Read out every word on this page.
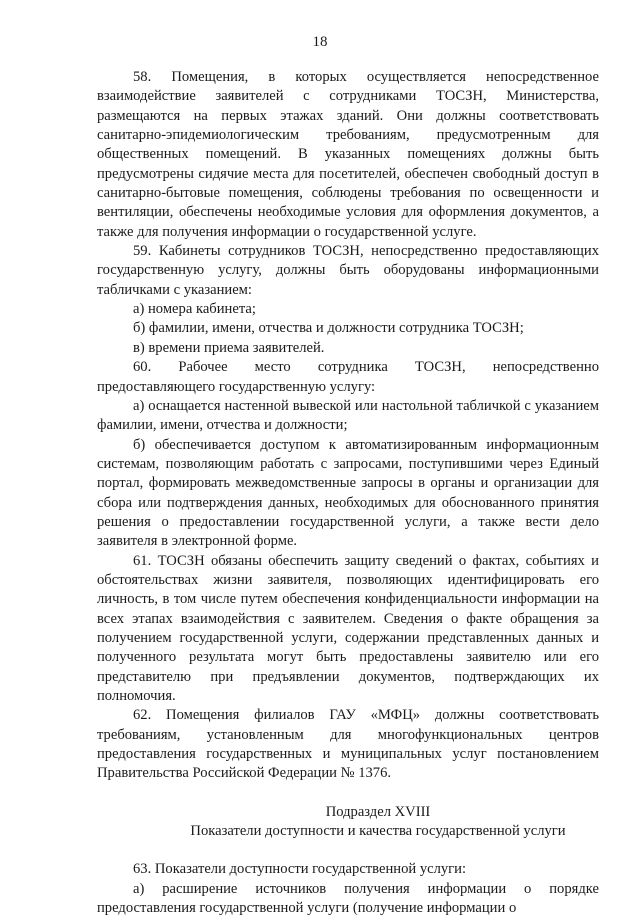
18

58. Помещения, в которых осуществляется непосредственное взаимодействие заявителей с сотрудниками ТОСЗН, Министерства, размещаются на первых этажах зданий. Они должны соответствовать санитарно-эпидемиологическим требованиям, предусмотренным для общественных помещений. В указанных помещениях должны быть предусмотрены сидячие места для посетителей, обеспечен свободный доступ в санитарно-бытовые помещения, соблюдены требования по освещенности и вентиляции, обеспечены необходимые условия для оформления документов, а также для получения информации о государственной услуге.

59. Кабинеты сотрудников ТОСЗН, непосредственно предоставляющих государственную услугу, должны быть оборудованы информационными табличками с указанием:

а) номера кабинета;

б) фамилии, имени, отчества и должности сотрудника ТОСЗН;

в) времени приема заявителей.

60. Рабочее место сотрудника ТОСЗН, непосредственно предоставляющего государственную услугу:

а) оснащается настенной вывеской или настольной табличкой с указанием фамилии, имени, отчества и должности;

б) обеспечивается доступом к автоматизированным информационным системам, позволяющим работать с запросами, поступившими через Единый портал, формировать межведомственные запросы в органы и организации для сбора или подтверждения данных, необходимых для обоснованного принятия решения о предоставлении государственной услуги, а также вести дело заявителя в электронной форме.

61. ТОСЗН обязаны обеспечить защиту сведений о фактах, событиях и обстоятельствах жизни заявителя, позволяющих идентифицировать его личность, в том числе путем обеспечения конфиденциальности информации на всех этапах взаимодействия с заявителем. Сведения о факте обращения за получением государственной услуги, содержании представленных данных и полученного результата могут быть предоставлены заявителю или его представителю при предъявлении документов, подтверждающих их полномочия.

62. Помещения филиалов ГАУ «МФЦ» должны соответствовать требованиям, установленным для многофункциональных центров предоставления государственных и муниципальных услуг постановлением Правительства Российской Федерации № 1376.

Подраздел XVIII

Показатели доступности и качества государственной услуги

63. Показатели доступности государственной услуги:

а) расширение источников получения информации о порядке предоставления государственной услуги (получение информации о
